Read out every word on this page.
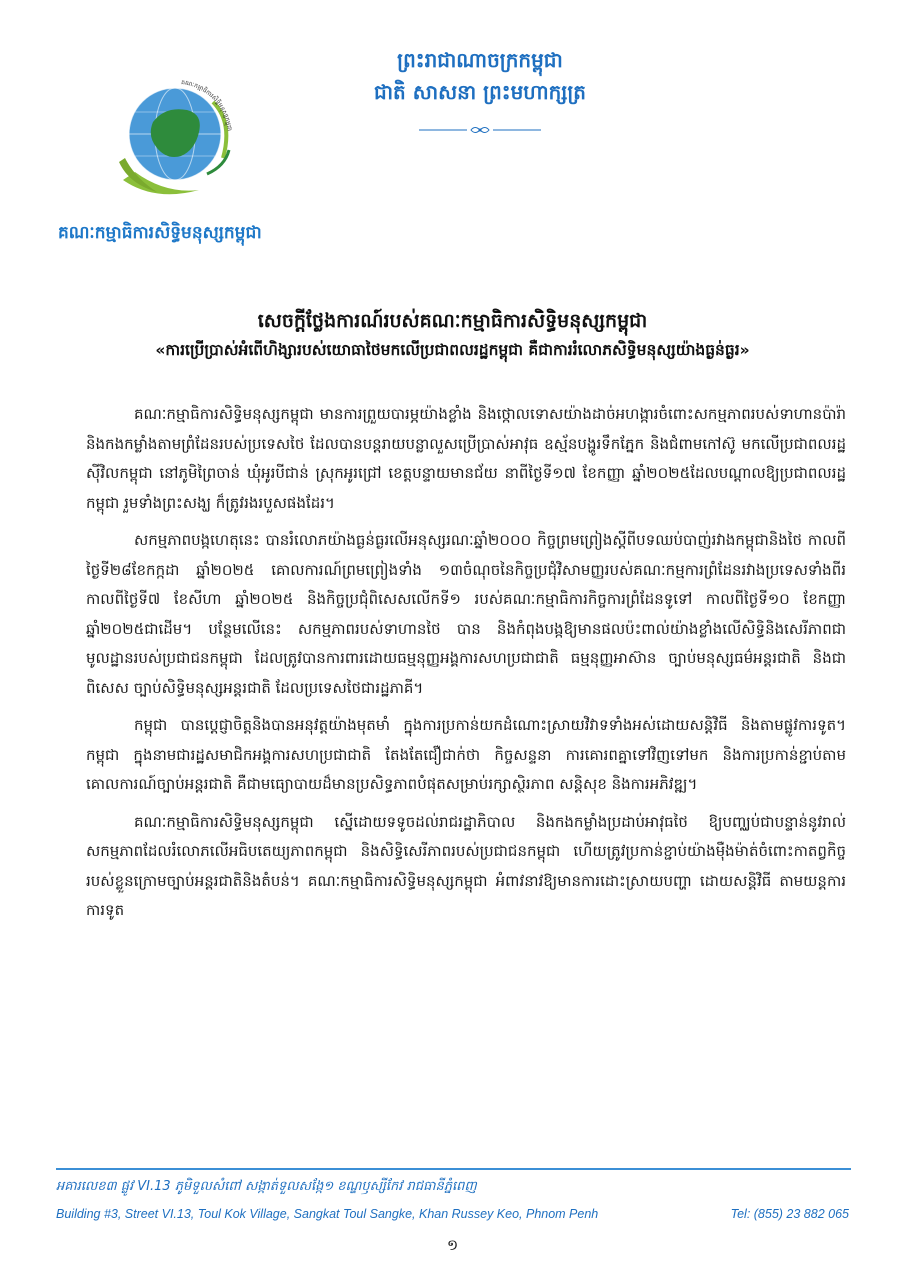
គណៈកម្មាធិការសិទ្ធិមនុស្សកម្ពុជា
គណៈកម្មាធិការសិទ្ធិមនុស្សកម្ពុជា
ព្រះរាជាណាចក្រកម្ពុជា
ជាតិ សាសនា ព្រះមហាក្សត្រ
សេចក្តីថ្លែងការណ៍របស់គណៈកម្មាធិការសិទ្ធិមនុស្សកម្ពុជា
«ការប្រើប្រាស់អំពើហិង្សារបស់យោធាថៃមកលើប្រជាពលរដ្ឋកម្ពុជា គឺជាការរំលោភសិទ្ធិមនុស្សយ៉ាងធ្ងន់ធ្ងរ»

គណៈកម្មាធិការសិទ្ធិមនុស្សកម្ពុជា មានការព្រួយបារម្ភយ៉ាងខ្លាំង និងថ្កោលទោសយ៉ាងដាច់អហង្ការចំពោះសកម្មភាពរបស់ទាហានប៉ារ៉ា និងកងកម្លាំងតាមព្រំដែនរបស់ប្រទេសថៃ ដែលបានបន្តរាយបន្លាលួសប្រើប្រាស់អាវុធ ឧស្ម័នបង្ហូរទឹកភ្នែក និងជំពាមកៅស៊ូ មកលើប្រជាពលរដ្ឋស៊ីវិលកម្ពុជា នៅភូមិព្រៃចាន់ ឃុំអូរបីជាន់ ស្រុកអូរជ្រៅ ខេត្តបន្ទាយមានជ័យ នាពីថ្ងៃទី១៧ ខែកញ្ញា ឆ្នាំ២០២៥ដែលបណ្តាលឱ្យប្រជាពលរដ្ឋកម្ពុជា រួមទាំងព្រះសង្ឃ ក៏ត្រូវរងរបួសផងដែរ។

សកម្មភាពបង្កហេតុនេះ បានរំលោភយ៉ាងធ្ងន់ធ្ងរលើអនុស្សរណៈឆ្នាំ២០០០ កិច្ចព្រមព្រៀងស្តីពីបទឈប់បាញ់រវាងកម្ពុជានិងថៃ កាលពីថ្ងៃទី២៨ខែកក្កដា ឆ្នាំ២០២៥ គោលការណ៍ព្រមព្រៀងទាំង ១៣ចំណុចនៃកិច្ចប្រជុំវិសាមញ្ញរបស់គណៈកម្មការព្រំដែនរវាងប្រទេសទាំងពីរ កាលពីថ្ងៃទី៧ ខែសីហា ឆ្នាំ២០២៥ និងកិច្ចប្រជុំពិសេសលើកទី១ របស់គណៈកម្មាធិការកិច្ចការព្រំដែនទូទៅ កាលពីថ្ងៃទី១០ ខែកញ្ញា ឆ្នាំ២០២៥ជាដើម។ បន្ថែមលើនេះ សកម្មភាពរបស់ទាហានថៃ បាន និងកំពុងបង្កឱ្យមានផលប៉ះពាល់យ៉ាងខ្លាំងលើសិទ្ធិនិងសេរីភាពជាមូលដ្ឋានរបស់ប្រជាជនកម្ពុជា ដែលត្រូវបានការពារដោយធម្មនុញ្ញអង្គការសហប្រជាជាតិ ធម្មនុញ្ញអាស៊ាន ច្បាប់មនុស្សធម៌អន្តរជាតិ និងជាពិសេស ច្បាប់សិទ្ធិមនុស្សអន្តរជាតិ ដែលប្រទេសថៃជារដ្ឋភាគី។

កម្ពុជា បានប្តេជ្ញាចិត្តនិងបានអនុវត្តយ៉ាងមុតមាំ ក្នុងការប្រកាន់យកដំណោះស្រាយវិវាទទាំងអស់ដោយសន្តិវិធី និងតាមផ្លូវការទូត។ កម្ពុជា ក្នុងនាមជារដ្ឋសមាជិកអង្គការសហប្រជាជាតិ តែងតែជឿជាក់ថា កិច្ចសន្ទនា ការគោរពគ្នាទៅវិញទៅមក និងការប្រកាន់ខ្ជាប់តាមគោលការណ៍ច្បាប់អន្តរជាតិ គឺជាមធ្យោបាយដ៏មានប្រសិទ្ធភាពបំផុតសម្រាប់រក្សាស្ថិរភាព សន្តិសុខ និងការអភិវឌ្ឍ។

គណៈកម្មាធិការសិទ្ធិមនុស្សកម្ពុជា ស្នើដោយទទូចដល់រាជរដ្ឋាភិបាល និងកងកម្លាំងប្រដាប់អាវុធថៃ ឱ្យបញ្ឈប់ជាបន្ទាន់នូវរាល់សកម្មភាពដែលរំលោភលើអធិបតេយ្យភាពកម្ពុជា និងសិទ្ធិសេរីភាពរបស់ប្រជាជនកម្ពុជា ហើយត្រូវប្រកាន់ខ្ជាប់យ៉ាងម៉ឺងម៉ាត់ចំពោះកាតព្វកិច្ចរបស់ខ្លួនក្រោមច្បាប់អន្តរជាតិនិងតំបន់។ គណៈកម្មាធិការសិទ្ធិមនុស្សកម្ពុជា អំពាវនាវឱ្យមានការដោះស្រាយបញ្ហា ដោយសន្តិវិធី តាមយន្តការការទូត

អគារលេខ៣ ផ្លូវ VI.13 ភូមិទួលសំពៅ សង្កាត់ទួលសង្កែ១ ខណ្ឌឫស្សីកែវ រាជធានីភ្នំពេញ
Building #3, Street VI.13, Toul Kok Village, Sangkat Toul Sangke, Khan Russey Keo, Phnom Penh	Tel: (855) 23 882 065
១
